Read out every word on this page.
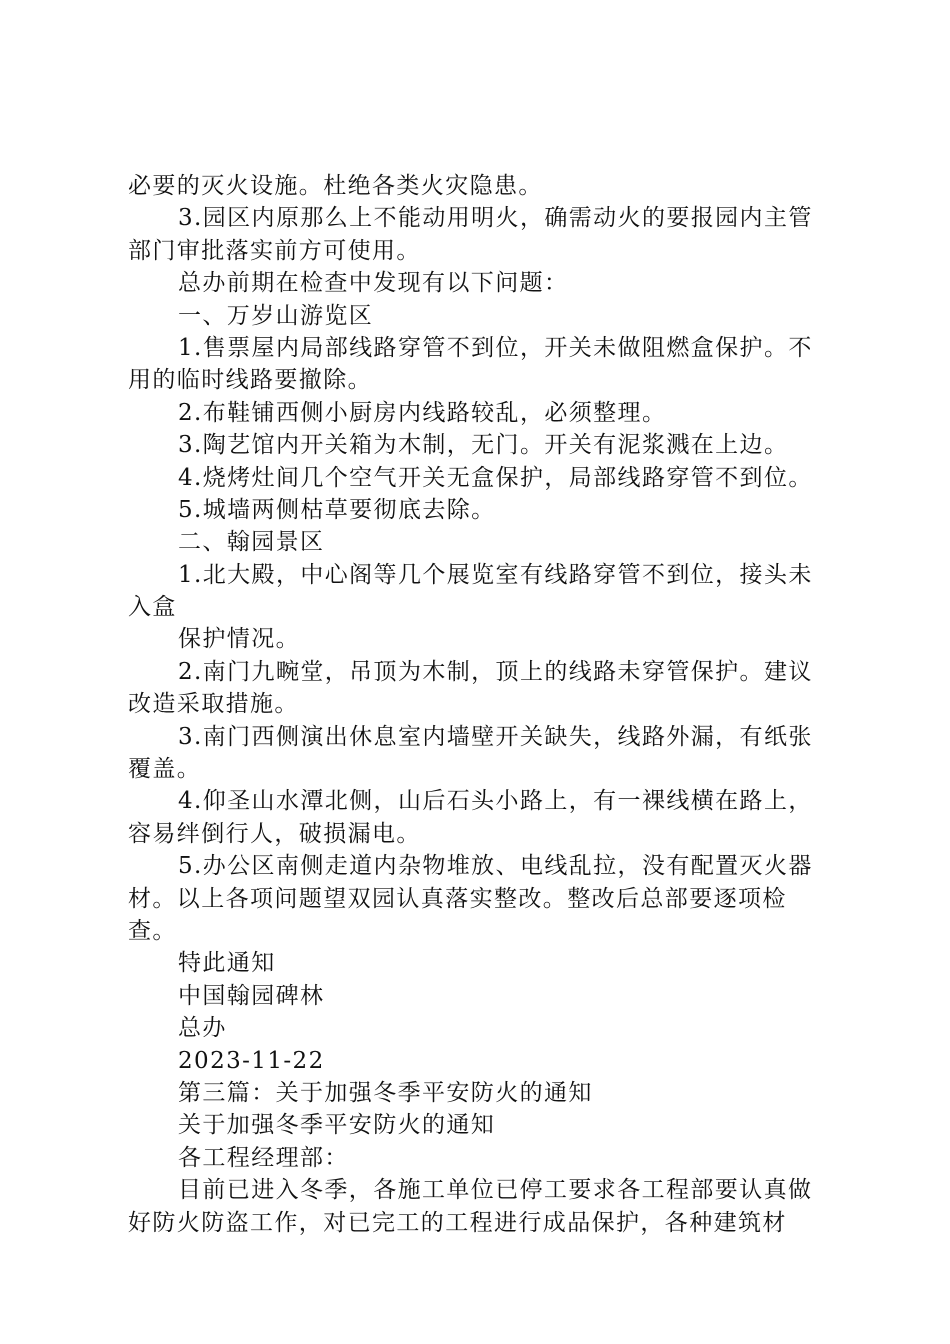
必要的灭火设施。杜绝各类火灾隐患。
3.园区内原那么上不能动用明火，确需动火的要报园内主管
部门审批落实前方可使用。
总办前期在检查中发现有以下问题：
一、万岁山游览区
1.售票屋内局部线路穿管不到位，开关未做阻燃盒保护。不
用的临时线路要撤除。
2.布鞋铺西侧小厨房内线路较乱，必须整理。
3.陶艺馆内开关箱为木制，无门。开关有泥浆溅在上边。
4.烧烤灶间几个空气开关无盒保护，局部线路穿管不到位。
5.城墙两侧枯草要彻底去除。
二、翰园景区
1.北大殿，中心阁等几个展览室有线路穿管不到位，接头未
入盒
保护情况。
2.南门九畹堂，吊顶为木制，顶上的线路未穿管保护。建议
改造采取措施。
3.南门西侧演出休息室内墙壁开关缺失，线路外漏，有纸张
覆盖。
4.仰圣山水潭北侧，山后石头小路上，有一裸线横在路上，
容易绊倒行人，破损漏电。
5.办公区南侧走道内杂物堆放、电线乱拉，没有配置灭火器
材。以上各项问题望双园认真落实整改。整改后总部要逐项检
查。
特此通知
中国翰园碑林
总办
2023-11-22
第三篇：关于加强冬季平安防火的通知
关于加强冬季平安防火的通知
各工程经理部：
目前已进入冬季，各施工单位已停工要求各工程部要认真做
好防火防盗工作，对已完工的工程进行成品保护，各种建筑材
